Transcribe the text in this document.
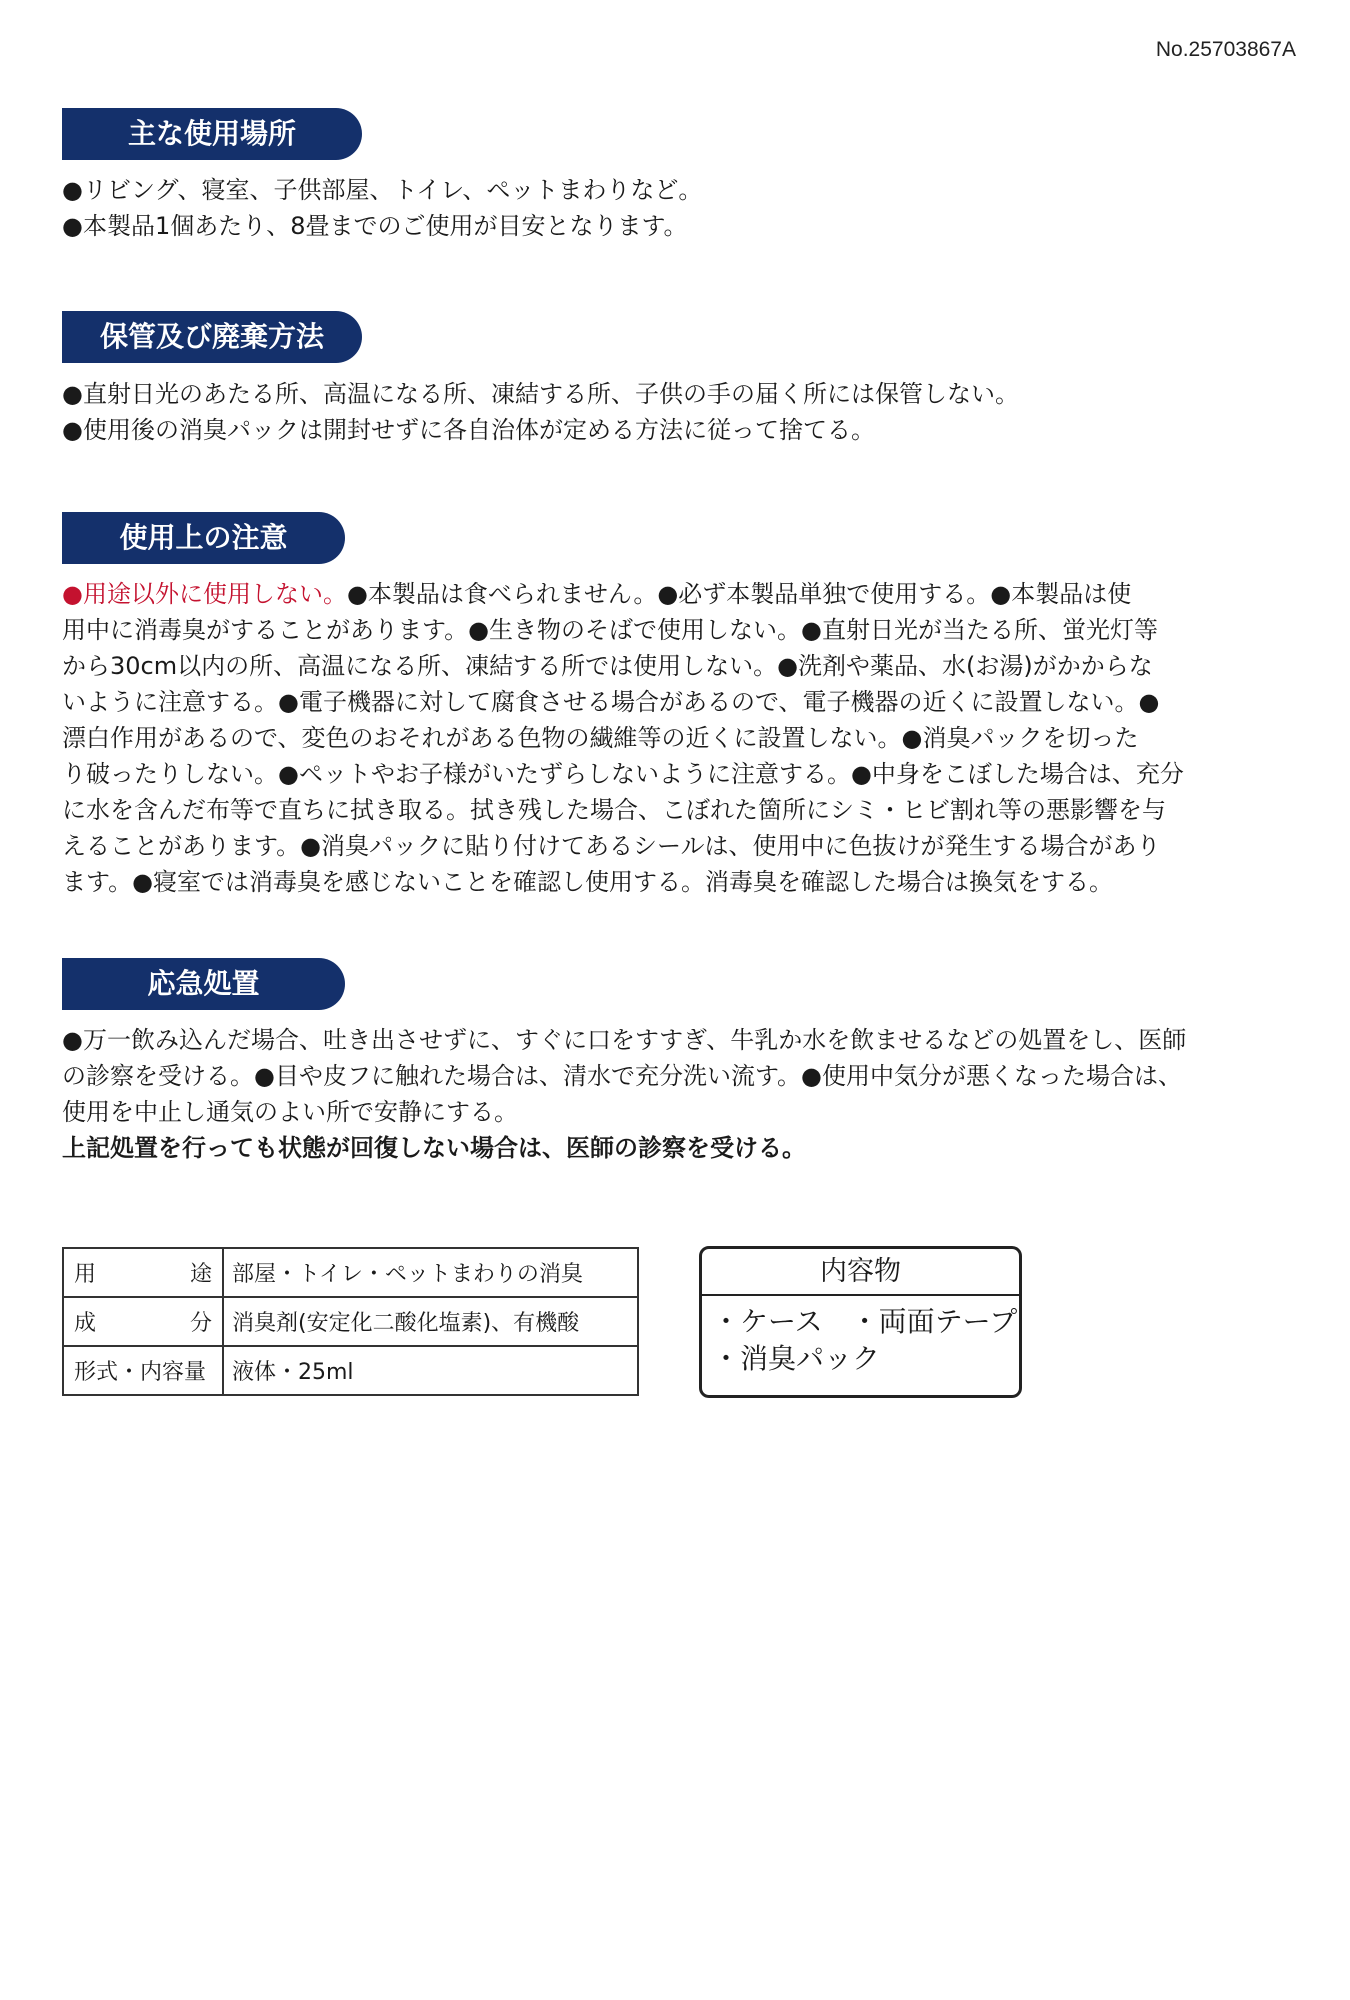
No.25703867A
主な使用場所
●リビング、寝室、子供部屋、トイレ、ペットまわりなど。
●本製品1個あたり、8畳までのご使用が目安となります。
保管及び廃棄方法
●直射日光のあたる所、高温になる所、凍結する所、子供の手の届く所には保管しない。
●使用後の消臭パックは開封せずに各自治体が定める方法に従って捨てる。
使用上の注意
●用途以外に使用しない。●本製品は食べられません。●必ず本製品単独で使用する。●本製品は使
用中に消毒臭がすることがあります。●生き物のそばで使用しない。●直射日光が当たる所、蛍光灯等
から30cm以内の所、高温になる所、凍結する所では使用しない。●洗剤や薬品、水(お湯)がかからな
いように注意する。●電子機器に対して腐食させる場合があるので、電子機器の近くに設置しない。●
漂白作用があるので、変色のおそれがある色物の繊維等の近くに設置しない。●消臭パックを切った
り破ったりしない。●ペットやお子様がいたずらしないように注意する。●中身をこぼした場合は、充分
に水を含んだ布等で直ちに拭き取る。拭き残した場合、こぼれた箇所にシミ・ヒビ割れ等の悪影響を与
えることがあります。●消臭パックに貼り付けてあるシールは、使用中に色抜けが発生する場合があり
ます。●寝室では消毒臭を感じないことを確認し使用する。消毒臭を確認した場合は換気をする。
応急処置
●万一飲み込んだ場合、吐き出させずに、すぐに口をすすぎ、牛乳か水を飲ませるなどの処置をし、医師
の診察を受ける。●目や皮フに触れた場合は、清水で充分洗い流す。●使用中気分が悪くなった場合は、
使用を中止し通気のよい所で安静にする。
上記処置を行っても状態が回復しない場合は、医師の診察を受ける。
用 途	部屋・トイレ・ペットまわりの消臭

成 分	消臭剤(安定化二酸化塩素)、有機酸
形式・内容量	液体・25ml
内容物
・ケース ・両面テープ
・消臭パック
